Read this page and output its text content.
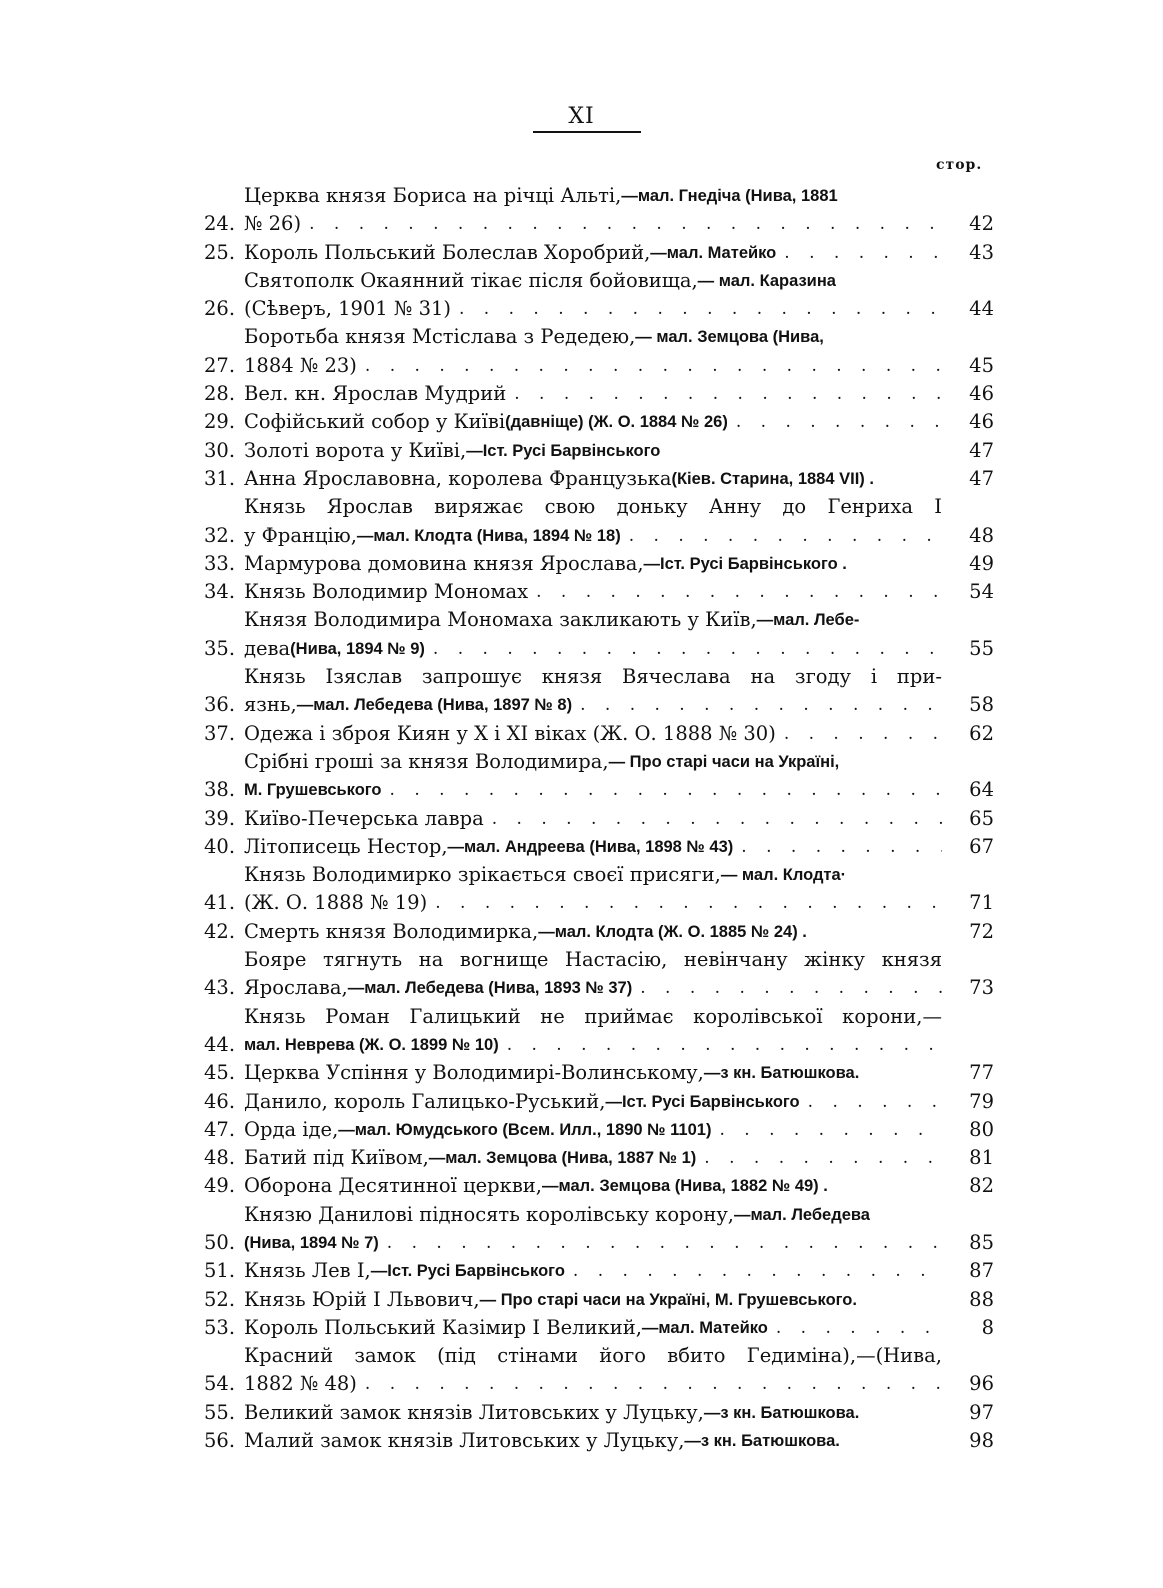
XI
стор.
24.
Церква князя Бориса на річці Альті, —мал. Гнедіча (Нива, 1881
№ 26) . . .	42
25. Король Польський Болеслав Хоробрий, —мал. Матейко . . .	43
26.
Святополк Окаянний тікає після бойовища, — мал. Каразина
(Сѣверъ, 1901 № 31) . . .	44
27.
Боротьба князя Мстіслава з Редедею, — мал. Земцова (Нива,
1884 № 23) . . .	45
28. Вел. кн. Ярослав Мудрий . . .	46
29. Софійський собор у Київі (давніще) (Ж. О. 1884 № 26) . . .	46
30. Золоті ворота у Київі, —Іст. Русі Барвінського	47
31. Анна Ярославовна, королева Французька (Кіев. Старина, 1884 VII) .	47
32.
Князь Ярослав виряжає свою доньку Анну до Генриха I
у Францію, —мал. Клодта (Нива, 1894 № 18) . . .	48
33. Мармурова домовина князя Ярослава, —Іст. Русі Барвінського .	49
34. Князь Володимир Мономах . . .	54
35.
Князя Володимира Мономаха закликають у Київ, —мал. Лебе-
дева (Нива, 1894 № 9) . . .	55
36.
Князь Ізяслав запрошує князя Вячеслава на згоду і при-
язнь, —мал. Лебедева (Нива, 1897 № 8) . . .	58
37. Одежа і зброя Киян у X і XI віках (Ж. О. 1888 № 30) . . .	62
38.
Срібні гроші за князя Володимира, — Про старі часи на Україні,
М. Грушевського . . .	64
39. Київо-Печерська лавра . . .	65
40. Літописець Нестор, —мал. Андреева (Нива, 1898 № 43) . . .	67
41.
Князь Володимирко зрікається своєї присяги, — мал. Клодта·
(Ж. О. 1888 № 19) . . .	71
42. Смерть князя Володимирка, —мал. Клодта (Ж. О. 1885 № 24) .	72
43.
Бояре тягнуть на вогнище Настасію, невінчану жінку князя
Ярослава, —мал. Лебедева (Нива, 1893 № 37) . . .	73
44.
Князь Роман Галицький не приймає королівської корони,—
мал. Неврева (Ж. О. 1899 № 10)
. . .
45. Церква Успіння у Володимирі-Волинському, —з кн. Батюшкова.	77
46. Данило, король Галицько-Руський, —Іст. Русі Барвінського . . .	79
47. Орда іде, —мал. Юмудського (Всем. Илл., 1890 № 1101) . . .	80
48. Батий під Київом, —мал. Земцова (Нива, 1887 № 1) . . .	81
49. Оборона Десятинної церкви, —мал. Земцова (Нива, 1882 № 49) .	82
50.
Князю Данилові підносять королівську корону, —мал. Лебедева
(Нива, 1894 № 7) . . .	85
51. Князь Лев I, —Іст. Русі Барвінського . . .	87
52. Князь Юрій I Львович, — Про старі часи на Україні, М. Грушевського.	88
53. Король Польський Казімир I Великий, —мал. Матейко . . .	8
54.
Красний замок (під стінами його вбито Гедиміна),—(Нива,
1882 № 48) . . .	96
55. Великий замок князів Литовських у Луцьку, —з кн. Батюшкова.	97
56. Малий замок князів Литовських у Луцьку, —з кн. Батюшкова.	98
